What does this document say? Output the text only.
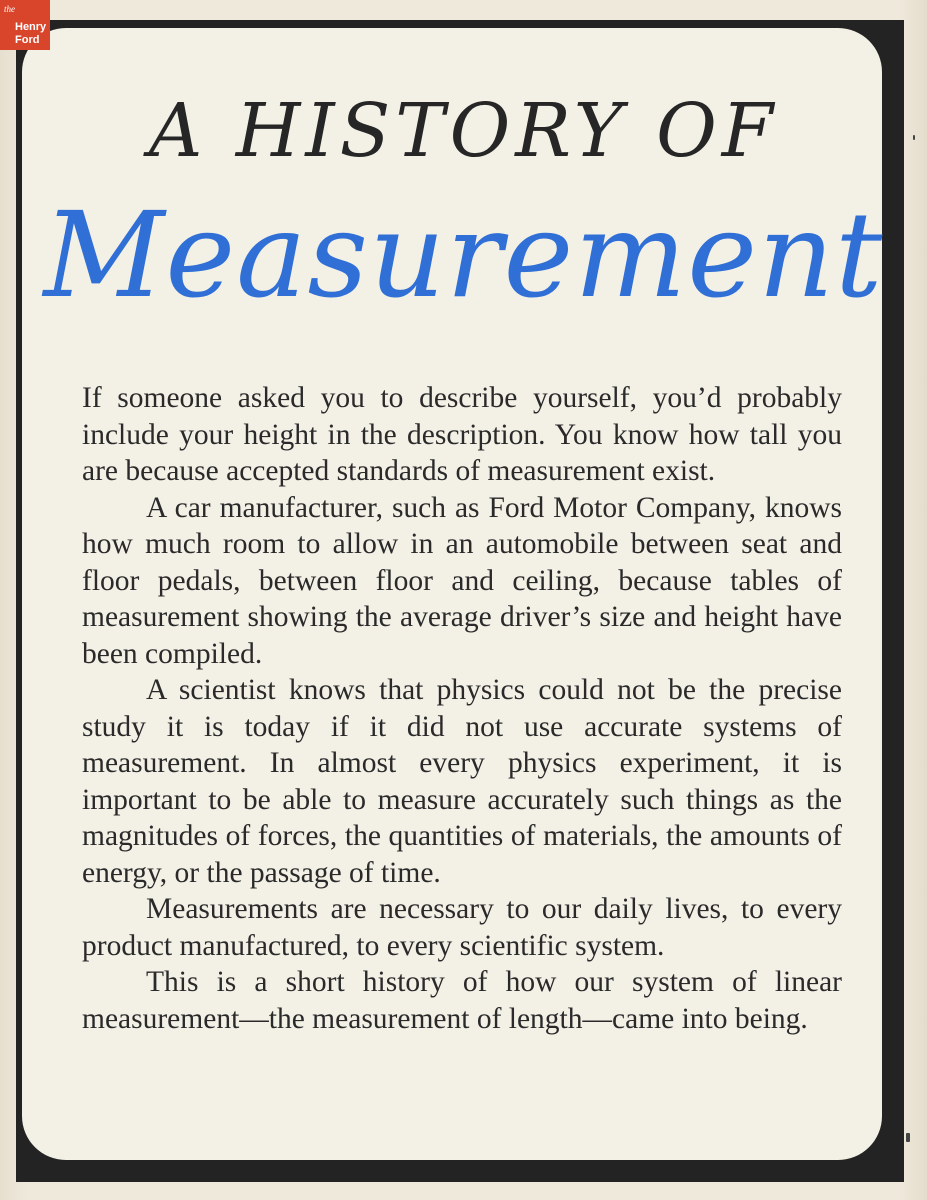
the
Henry
Ford
A HISTORY OF
Measurement

If someone asked you to describe yourself, you’d probably include your height in the description. You know how tall you are because accepted standards of measurement exist.

A car manufacturer, such as Ford Motor Company, knows how much room to allow in an automobile between seat and floor pedals, between floor and ceiling, because tables of measurement showing the average driver’s size and height have been compiled.

A scientist knows that physics could not be the precise study it is today if it did not use accurate systems of measurement. In almost every physics experiment, it is important to be able to measure accurately such things as the magnitudes of forces, the quantities of materials, the amounts of energy, or the passage of time.

Measurements are necessary to our daily lives, to every product manufactured, to every scientific system.

This is a short history of how our system of linear measurement—the measurement of length—came into being.
